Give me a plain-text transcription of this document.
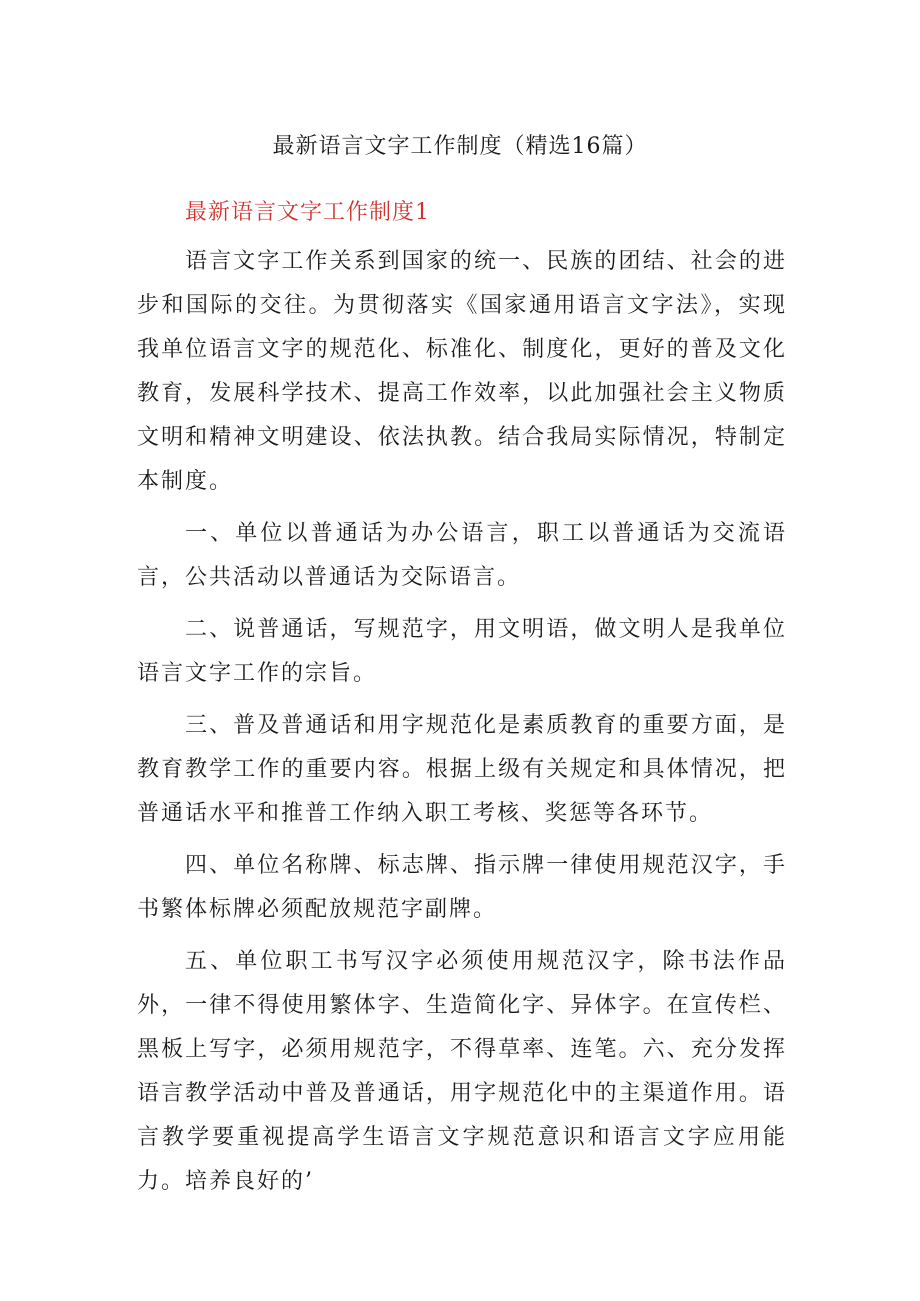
最新语言文字工作制度（精选16篇）
最新语言文字工作制度1

语言文字工作关系到国家的统一、民族的团结、社会的进步和国际的交往。为贯彻落实《国家通用语言文字法》，实现我单位语言文字的规范化、标准化、制度化，更好的普及文化教育，发展科学技术、提高工作效率，以此加强社会主义物质文明和精神文明建设、依法执教。结合我局实际情况，特制定本制度。

一、单位以普通话为办公语言，职工以普通话为交流语言，公共活动以普通话为交际语言。

二、说普通话，写规范字，用文明语，做文明人是我单位语言文字工作的宗旨。

三、普及普通话和用字规范化是素质教育的重要方面，是教育教学工作的重要内容。根据上级有关规定和具体情况，把普通话水平和推普工作纳入职工考核、奖惩等各环节。

四、单位名称牌、标志牌、指示牌一律使用规范汉字，手书繁体标牌必须配放规范字副牌。

五、单位职工书写汉字必须使用规范汉字，除书法作品外，一律不得使用繁体字、生造简化字、异体字。在宣传栏、黑板上写字，必须用规范字，不得草率、连笔。六、充分发挥语言教学活动中普及普通话，用字规范化中的主渠道作用。语言教学要重视提高学生语言文字规范意识和语言文字应用能力。培养良好的’
